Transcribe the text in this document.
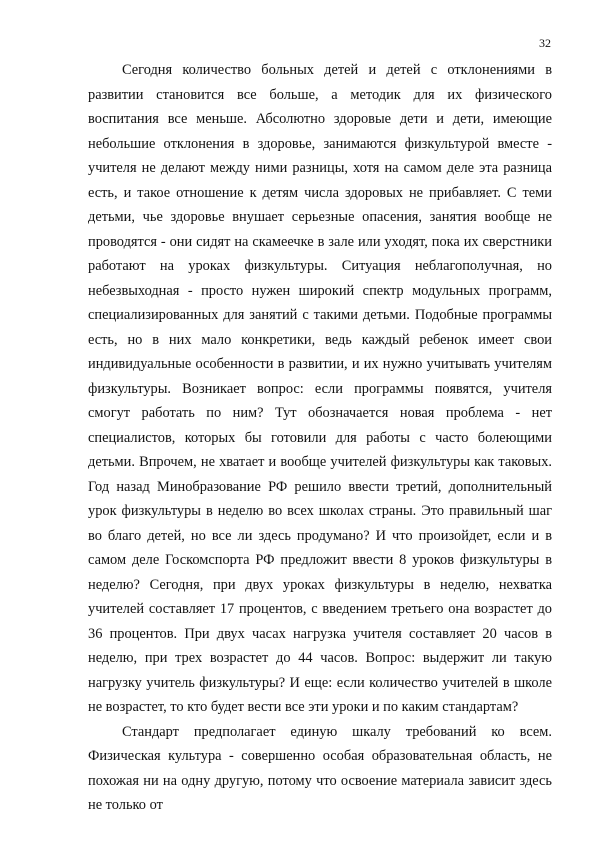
32

Сегодня количество больных детей и детей с отклонениями в развитии становится все больше, а методик для их физического воспитания все меньше. Абсолютно здоровые дети и дети, имеющие небольшие отклонения в здоровье, занимаются физкультурой вместе - учителя не делают между ними разницы, хотя на самом деле эта разница есть, и такое отношение к детям числа здоровых не прибавляет. С теми детьми, чье здоровье внушает серьезные опасения, занятия вообще не проводятся - они сидят на скамеечке в зале или уходят, пока их сверстники работают на уроках физкультуры. Ситуация неблагополучная, но небезвыходная - просто нужен широкий спектр модульных программ, специализированных для занятий с такими детьми. Подобные программы есть, но в них мало конкретики, ведь каждый ребенок имеет свои индивидуальные особенности в развитии, и их нужно учитывать учителям физкультуры. Возникает вопрос: если программы появятся, учителя смогут работать по ним? Тут обозначается новая проблема - нет специалистов, которых бы готовили для работы с часто болеющими детьми. Впрочем, не хватает и вообще учителей физкультуры как таковых. Год назад Минобразование РФ решило ввести третий, дополнительный урок физкультуры в неделю во всех школах страны. Это правильный шаг во благо детей, но все ли здесь продумано? И что произойдет, если и в самом деле Госкомспорта РФ предложит ввести 8 уроков физкультуры в неделю? Сегодня, при двух уроках физкультуры в неделю, нехватка учителей составляет 17 процентов, с введением третьего она возрастет до 36 процентов. При двух часах нагрузка учителя составляет 20 часов в неделю, при трех возрастет до 44 часов. Вопрос: выдержит ли такую нагрузку учитель физкультуры? И еще: если количество учителей в школе не возрастет, то кто будет вести все эти уроки и по каким стандартам?

Стандарт предполагает единую шкалу требований ко всем. Физическая культура - совершенно особая образовательная область, не похожая ни на одну другую, потому что освоение материала зависит здесь не только от
